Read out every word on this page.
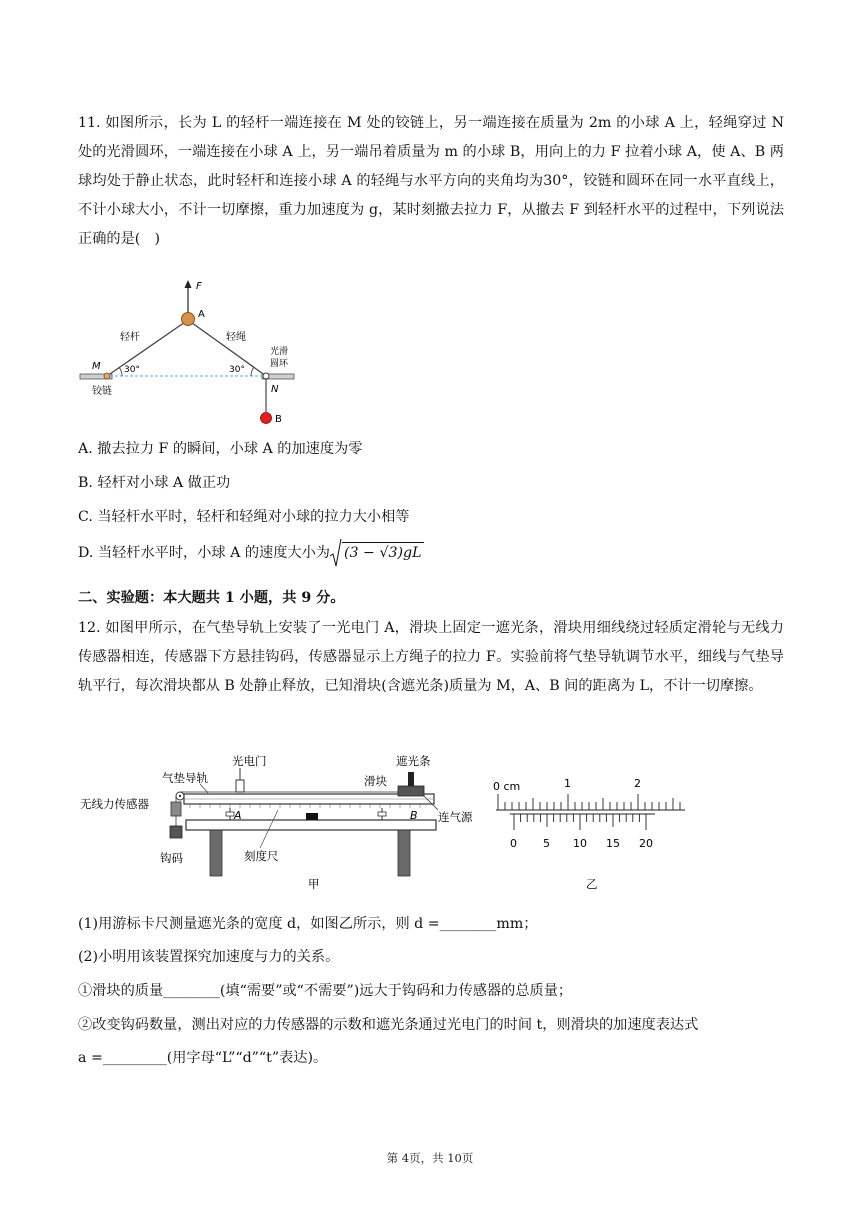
11. 如图所示，长为 L 的轻杆一端连接在 M 处的铰链上，另一端连接在质量为 2m 的小球 A 上，轻绳穿过 N 处的光滑圆环，一端连接在小球 A 上，另一端吊着质量为 m 的小球 B，用向上的力 F 拉着小球 A，使 A、B 两球均处于静止状态，此时轻杆和连接小球 A 的轻绳与水平方向的夹角均为30°，铰链和圆环在同一水平直线上，不计小球大小，不计一切摩擦，重力加速度为 g，某时刻撤去拉力 F，从撤去 F 到轻杆水平的过程中，下列说法正确的是(　)
F
A
轻杆	轻绳
30°	30°
M
铰链
光滑
圆环
N
B
A. 撤去拉力 F 的瞬间，小球 A 的加速度为零
B. 轻杆对小球 A 做正功
C. 当轻杆水平时，轻杆和轻绳对小球的拉力大小相等
D. 当轻杆水平时，小球 A 的速度大小为 (3 − √3)gL
二、实验题：本大题共 1 小题，共 9 分。
12. 如图甲所示，在气垫导轨上安装了一光电门 A，滑块上固定一遮光条，滑块用细线绕过轻质定滑轮与无线力传感器相连，传感器下方悬挂钩码，传感器显示上方绳子的拉力 F。实验前将气垫导轨调节水平，细线与气垫导轨平行，每次滑块都从 B 处静止释放，已知滑块(含遮光条)质量为 M，A、B 间的距离为 L，不计一切摩擦。
气垫导轨
光电门	遮光条
滑块
无线力传感器
钩码
A	B 连气源
刻度尺
甲
0 cm	1	2
0 5 10 15 20
乙
(1)用游标卡尺测量遮光条的宽度 d，如图乙所示，则 d =________mm；
(2)小明用该装置探究加速度与力的关系。
①滑块的质量________(填“需要”或“不需要”)远大于钩码和力传感器的总质量；
②改变钩码数量，测出对应的力传感器的示数和遮光条通过光电门的时间 t，则滑块的加速度表达式
a =_________(用字母“L”“d”“t”表达)。
第 4页，共 10页
